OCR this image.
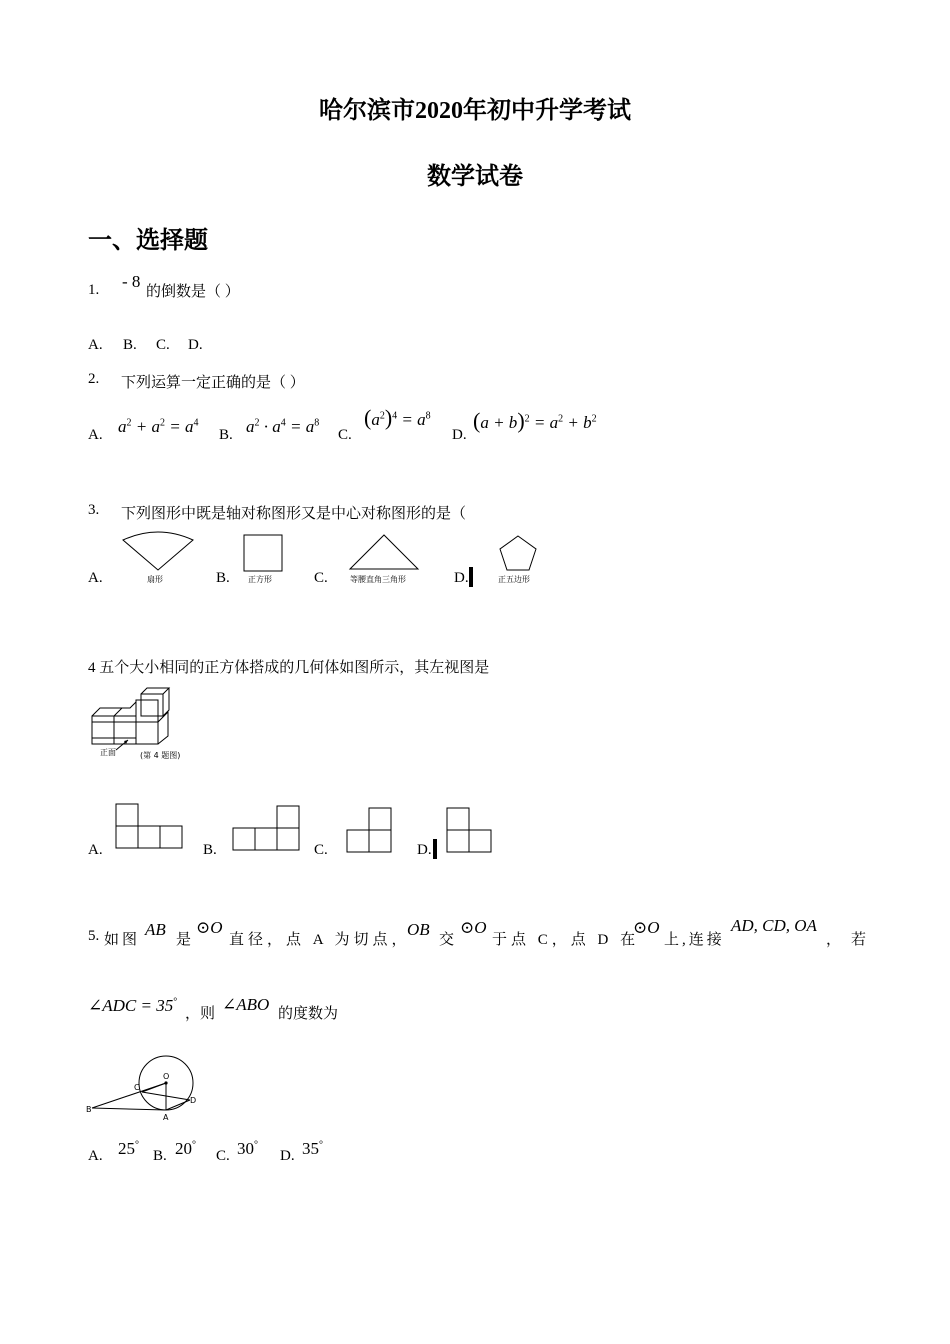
哈尔滨市2020年初中升学考试
数学试卷
一、选择题
1. - 8
的倒数是（ ）
A. B. C. D.
2. 下列运算一定正确的是（ ）
A. $a^2 + a^2 = a^4$
B. $a^2 \cdot a^4 = a^8$
C.
$(a^2)^4 = a^8$
D.
$(a + b)^2 = a^2 + b^2$
3. 下列图形中既是轴对称图形又是中心对称图形的是（
A.	扇形	B. 正方形	C.	等腰直角三角形	D.	正五边形
4 五个大小相同的正方体搭成的几何体如图所示，其左视图是
正面	(第 4 题图)
A.	B.	C.	D.
5. 如图
AB
是
⊙O
直径，点 A 为切点，
OB
交
⊙O
于点 C，点 D 在
⊙O
上,连接
AD, CD, OA
，若
∠ADC = 35°
，则 ∠ABO 的度数为
O
C
B
A
D
A. 25°
B. 20°
C. 30°
D. 35°
